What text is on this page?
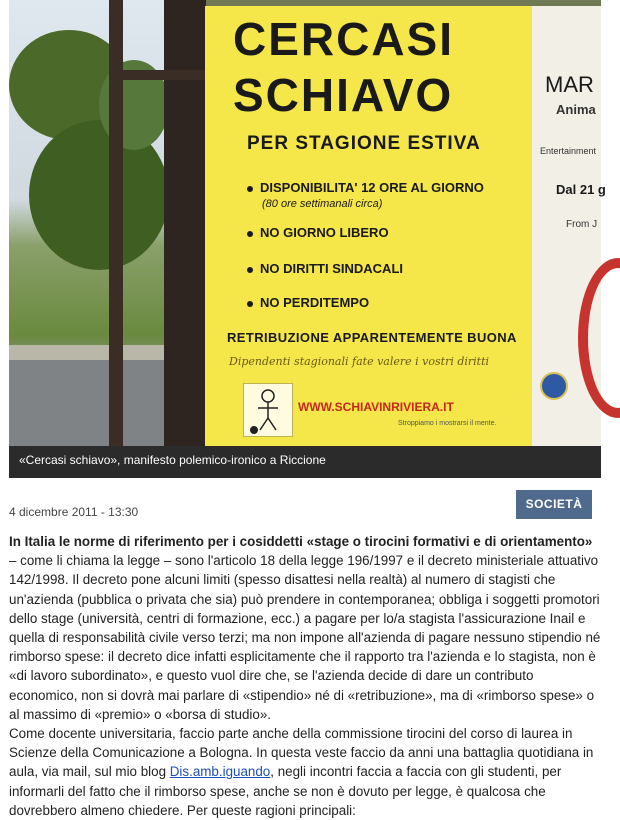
CERCASI
SCHIAVO
PER STAGIONE ESTIVA
DISPONIBILITA' 12 ORE AL GIORNO
(80 ore settimanali circa)
NO GIORNO LIBERO
NO DIRITTI SINDACALI
NO PERDITEMPO
RETRIBUZIONE APPARENTEMENTE BUONA
Dipendenti stagionali fate valere i vostri diritti
WWW.SCHIAVINRIVIERA.IT
Stroppiamo i mostrarsi il mente.
MAR
Anima
Entertainment
Dal 21 g
From J
«Cercasi schiavo», manifesto polemico-ironico a Riccione
4 dicembre 2011 - 13:30
SOCIETÀ

In Italia le norme di riferimento per i cosiddetti «stage o tirocini formativi e di orientamento» – come li chiama la legge – sono l'articolo 18 della legge 196/1997 e il decreto ministeriale attuativo 142/1998. Il decreto pone alcuni limiti (spesso disattesi nella realtà) al numero di stagisti che un'azienda (pubblica o privata che sia) può prendere in contemporanea; obbliga i soggetti promotori dello stage (università, centri di formazione, ecc.) a pagare per lo/a stagista l'assicurazione Inail e quella di responsabilità civile verso terzi; ma non impone all'azienda di pagare nessuno stipendio né rimborso spese: il decreto dice infatti esplicitamente che il rapporto tra l'azienda e lo stagista, non è «di lavoro subordinato», e questo vuol dire che, se l'azienda decide di dare un contributo economico, non si dovrà mai parlare di «stipendio» né di «retribuzione», ma di «rimborso spese» o al massimo di «premio» o «borsa di studio».

Come docente universitaria, faccio parte anche della commissione tirocini del corso di laurea in Scienze della Comunicazione a Bologna. In questa veste faccio da anni una battaglia quotidiana in aula, via mail, sul mio blog Dis.amb.iguando, negli incontri faccia a faccia con gli studenti, per informarli del fatto che il rimborso spese, anche se non è dovuto per legge, è qualcosa che dovrebbero almeno chiedere. Per queste ragioni principali:
